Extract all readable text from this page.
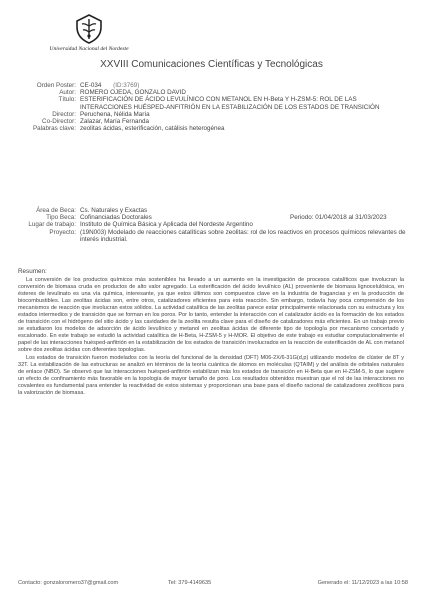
Universidad Nacional del Nordeste
XXVIII Comunicaciones Científicas y Tecnológicas
Orden Poster: CE-034 (ID:3769)
Autor: ROMERO OJEDA, GONZALO DAVID
Título: ESTERIFICACIÓN DE ÁCIDO LEVULÍNICO CON METANOL EN H-Beta Y H-ZSM-5: ROL DE LAS INTERACCIONES HUÉSPED-ANFITRIÓN EN LA ESTABILIZACIÓN DE LOS ESTADOS DE TRANSICIÓN
Director: Peruchena, Nélida María
Co-Director: Zalazar, María Fernanda
Palabras clave: zeolitas ácidas, esterificación, catálisis heterogénea
Área de Beca: Cs. Naturales y Exactas
Tipo Beca: Cofinanciadas Doctorales	Periodo: 01/04/2018 al 31/03/2023
Lugar de trabajo: Instituto de Química Básica y Aplicada del Nordeste Argentino
Proyecto: (19N003) Modelado de reacciones catalíticas sobre zeolitas: rol de los reactivos en procesos químicos relevantes de interés industrial.
Resumen:

La conversión de los productos químicos más sostenibles ha llevado a un aumento en la investigación de procesos catalíticos que involucran la conversión de biomasa cruda en productos de alto valor agregado. La esterificación del ácido levulínico (AL) proveniente de biomasa lignocelulósica, en ésteres de levulinato es una vía química, interesante, ya que estos últimos son compuestos clave en la industria de fragancias y en la producción de biocombustibles. Las zeolitas ácidas son, entre otros, catalizadores eficientes para esta reacción. Sin embargo, todavía hay poca comprensión de los mecanismos de reacción que involucran estos sólidos. La actividad catalítica de las zeolitas parece estar principalmente relacionada con su estructura y los estados intermedios y de transición que se forman en los poros. Por lo tanto, entender la interacción con el catalizador ácido es la formación de los estados de transición con el hidrógeno del sitio ácido y las cavidades de la zeolita resulta clave para el diseño de catalizadores más eficientes. En un trabajo previo se estudiaron los modelos de adsorción de ácido levulínico y metanol en zeolitas ácidas de diferente tipo de topología por mecanismo concertado y escalonado. En este trabajo se estudió la actividad catalítica de H-Beta, H-ZSM-5 y H-MOR. El objetivo de este trabajo es estudiar computacionalmente el papel de las interacciones huésped-anfitrión en la estabilización de los estados de transición involucrados en la reacción de esterificación de AL con metanol sobre dos zeolitas ácidas con diferentes topologías.

Los estados de transición fueron modelados con la teoría del funcional de la densidad (DFT) M06-2X/6-31G(d,p) utilizando modelos de clúster de 8T y 32T. La estabilización de las estructuras se analizó en términos de la teoría cuántica de átomos en moléculas (QTAIM) y del análisis de orbitales naturales de enlace (NBO). Se observó que las interacciones huésped-anfitrión estabilizan más los estados de transición en H-Beta que en H-ZSM-5, lo que sugiere un efecto de confinamiento más favorable en la topología de mayor tamaño de poro. Los resultados obtenidos muestran que el rol de las interacciones no covalentes es fundamental para entender la reactividad de estos sistemas y proporcionan una base para el diseño racional de catalizadores zeolíticos para la valorización de biomasa.

Contacto: gonzaloromero37@gmail.com	Tel: 379-4149635	Generado el: 11/12/2023 a las 10:58
